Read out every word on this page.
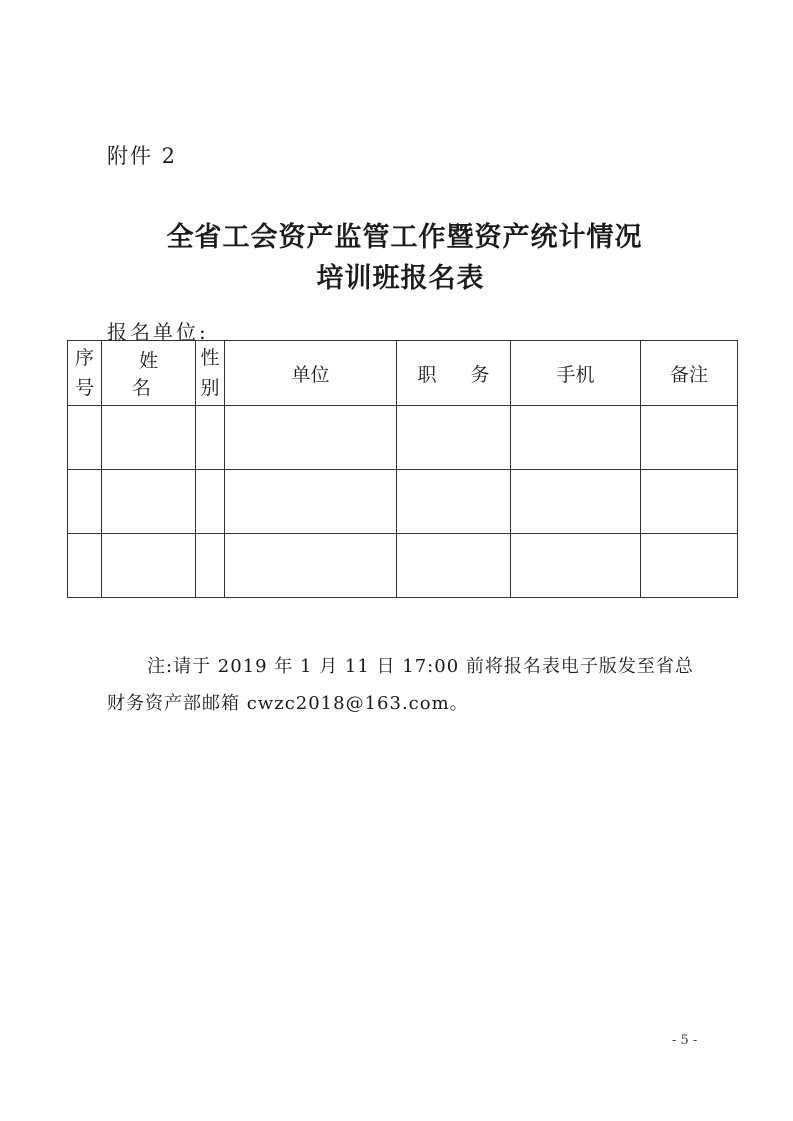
附件 2
全省工会资产监管工作暨资产统计情况
培训班报名表
报名单位:
序号	姓 名	性别	单位	职 务	手机	备注

注:请于 2019 年 1 月 11 日 17:00 前将报名表电子版发至省总
财务资产部邮箱 cwzc2018@163.com。
- 5 -
